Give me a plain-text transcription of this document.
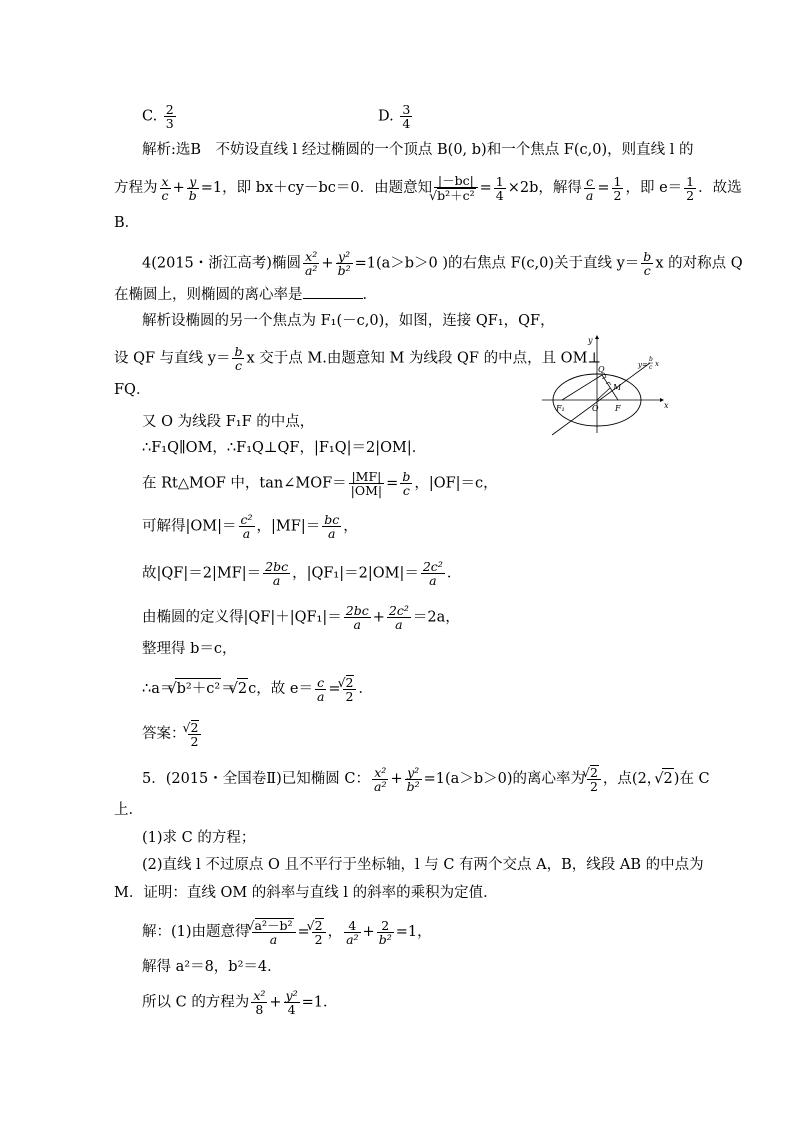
C. $\frac{2}{3}$	D. $\frac{3}{4}$
解析:选B　不妨设直线 l 经过椭圆的一个顶点 B(0, b)和一个焦点 F(c,0)，则直线 l 的
方程为 $\frac{x}{c} + \frac{y}{b} =1$，即 bx＋cy－bc＝0．由题意知 |－bc|
√ $b^2+c^2 = \frac{1}{4} \times 2b$，解得 $\frac{c}{a} = \frac{1}{2}$ ，即 $e= \frac{1}{2}$ ．故选
B．
4(2015・浙江高考)椭圆 $\frac{\text{x²}}{\text{a²}} + \frac{\text{y²}}{\text{b²}} =1(a>b>0$ )的右焦点 F(c,0)关于直线 $y= \frac{b}{c}$ x 的对称点 Q
在椭圆上，则椭圆的离心率是	．
解析设椭圆的另一个焦点为 F₁(－c,0)，如图，连接 QF₁，QF，
设 QF 与直线 $y= \frac{b}{c}$ x 交于点 M.由题意知 M 为线段 QF 的中点，且 OM⊥
FQ．
又 O 为线段 F₁F 的中点，
∴F₁Q∥OM，∴F₁Q⊥QF，|F₁Q|＝2|OM|．
在 Rt△MOF 中，tan∠MOF＝ $\frac{|MF|}{|OM|} = \frac{b}{c}$ ，|OF|＝c，
可解得$|OM|= \frac{\text{c²}}{a}$ ，$|MF|= \frac{bc}{a}$ ，
故$|QF|=2|MF|= \frac{2bc}{a}$ ，$|QF_1|=2|OM|= \frac{\text{2c²}}{a}$ ．
由椭圆的定义得$|QF|+|QF_1|= \frac{2bc}{a} + \frac{\text{2c²}}{a} =2a$，
整理得 b＝c，
∴a＝ √ b²＋c²＝ √ 2c，故 $e= \frac{c}{a}$ = √ $\frac{2}{2}$ ．
答案： √ $\frac{2}{2}$
5．(2015・全国卷Ⅱ)已知椭圆 C： $\frac{\text{x²}}{\text{a²}} + \frac{\text{y²}}{\text{b²}} =1(a>b>0)$的离心率为 √ $\frac{2}{2}$ ，点(2， √ 2)在 C
上．
(1)求 C 的方程；
(2)直线 l 不过原点 O 且不平行于坐标轴，l 与 C 有两个交点 A，B，线段 AB 的中点为
M．证明：直线 OM 的斜率与直线 l 的斜率的乘积为定值．
解：(1)由题意得 √ $\frac{\text{a²－b²}}{a}$ = √ $\frac{2}{2}$ ， $\frac{4}{\text{a²}} + \frac{2}{\text{b²}} =1$，
解得 a²＝8，b²＝4．
所以 C 的方程为 $\frac{\text{x²}}{8} + \frac{\text{y²}}{4} =1$．
y
x
Q
M
O F
F₁
y=
b
c x
